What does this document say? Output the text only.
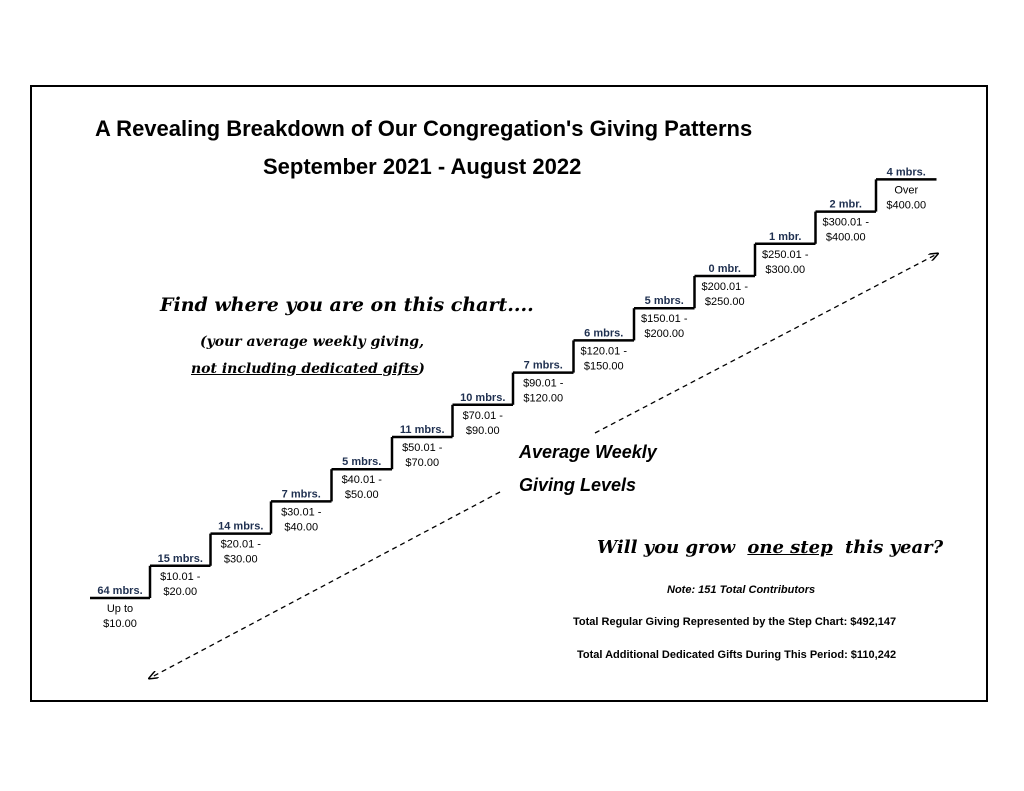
A Revealing Breakdown of Our Congregation's Giving Patterns
September 2021 - August 2022
Find where you are on this chart....
(your average weekly giving,
not including dedicated gifts)
Average Weekly
Giving Levels
Will you grow one step this year?
Note: 151 Total Contributors
Total Regular Giving Represented by the Step Chart: $492,147
Total Additional Dedicated Gifts During This Period: $110,242
64 mbrs.
Up to
$10.00
15 mbrs.
$10.01 -
$20.00
14 mbrs.
$20.01 -
$30.00
7 mbrs.
$30.01 -
$40.00
5 mbrs.
$40.01 -
$50.00
11 mbrs.
$50.01 -
$70.00
10 mbrs.
$70.01 -
$90.00
7 mbrs.
$90.01 -
$120.00
6 mbrs.
$120.01 -
$150.00
5 mbrs.
$150.01 -
$200.00
0 mbr.
$200.01 -
$250.00
1 mbr.
$250.01 -
$300.00
2 mbr.
$300.01 -
$400.00
4 mbrs.
Over
$400.00
